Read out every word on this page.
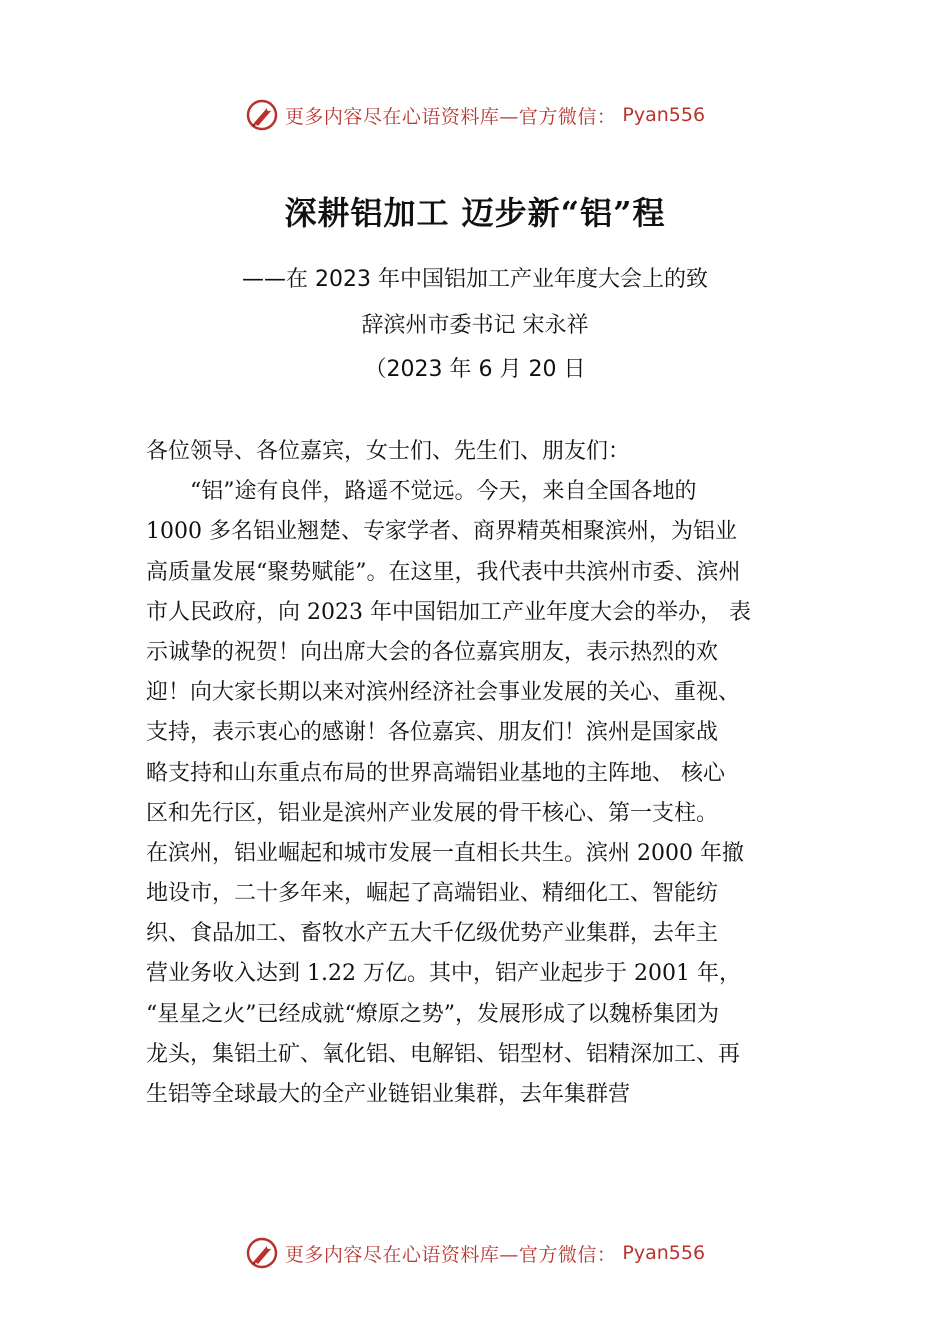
更多内容尽在心语资料库—官方微信： Pyan556
深耕铝加工 迈步新“铝”程
——在 2023 年中国铝加工产业年度大会上的致
辞滨州市委书记 宋永祥
（2023 年 6 月 20 日
各位领导、各位嘉宾，女士们、先生们、朋友们：
“铝”途有良伴，路遥不觉远。今天，来自全国各地的
1000 多名铝业翘楚、专家学者、商界精英相聚滨州，为铝业
高质量发展“聚势赋能”。在这里，我代表中共滨州市委、滨州
市人民政府，向 2023 年中国铝加工产业年度大会的举办， 表
示诚挚的祝贺！向出席大会的各位嘉宾朋友，表示热烈的欢
迎！向大家长期以来对滨州经济社会事业发展的关心、重视、
支持，表示衷心的感谢！各位嘉宾、朋友们！滨州是国家战
略支持和山东重点布局的世界高端铝业基地的主阵地、 核心
区和先行区，铝业是滨州产业发展的骨干核心、第一支柱。
在滨州，铝业崛起和城市发展一直相长共生。滨州 2000 年撤
地设市，二十多年来，崛起了高端铝业、精细化工、智能纺
织、食品加工、畜牧水产五大千亿级优势产业集群，去年主
营业务收入达到 1.22 万亿。其中，铝产业起步于 2001 年，
“星星之火”已经成就“燎原之势”，发展形成了以魏桥集团为
龙头，集铝土矿、氧化铝、电解铝、铝型材、铝精深加工、再
生铝等全球最大的全产业链铝业集群，去年集群营
更多内容尽在心语资料库—官方微信： Pyan556
